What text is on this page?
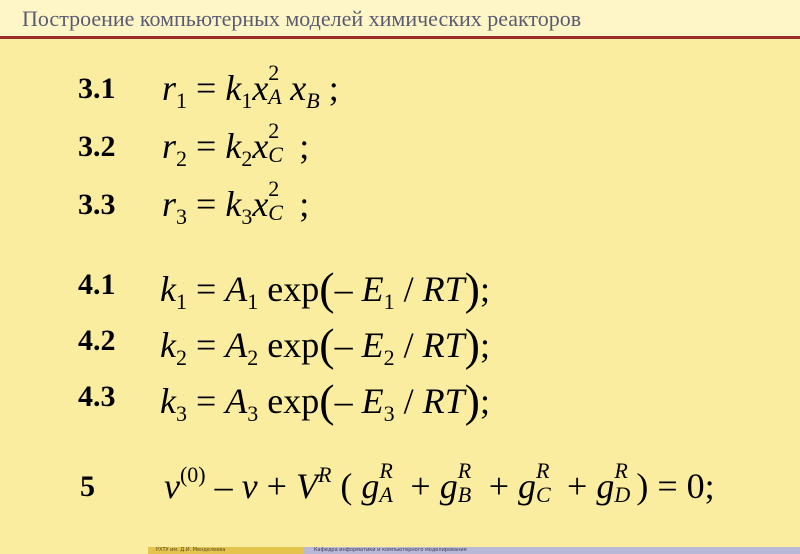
Построение компьютерных моделей химических реакторов
3.1 $r_1 = k_1x$ 2
A $x_B$ ;
3.2 $r_2 = k_2x$ 2
C ;
3.3 $r_3 = k_3x$ 2
C ;
4.1 $k_1 = A_1$ exp(– $E_1 / RT$);
4.2 $k_2 = A_2$ exp(– $E_2 / RT$);
4.3 $k_3 = A_3$ exp(– $E_3 / RT$);
5 $v^{(0)} - v + V^R$ ( g R
A + g R
B + g R
C + g R
D ) = 0;
РХТУ им. Д.И. Менделеева	Кафедра информатики и компьютерного моделирования
